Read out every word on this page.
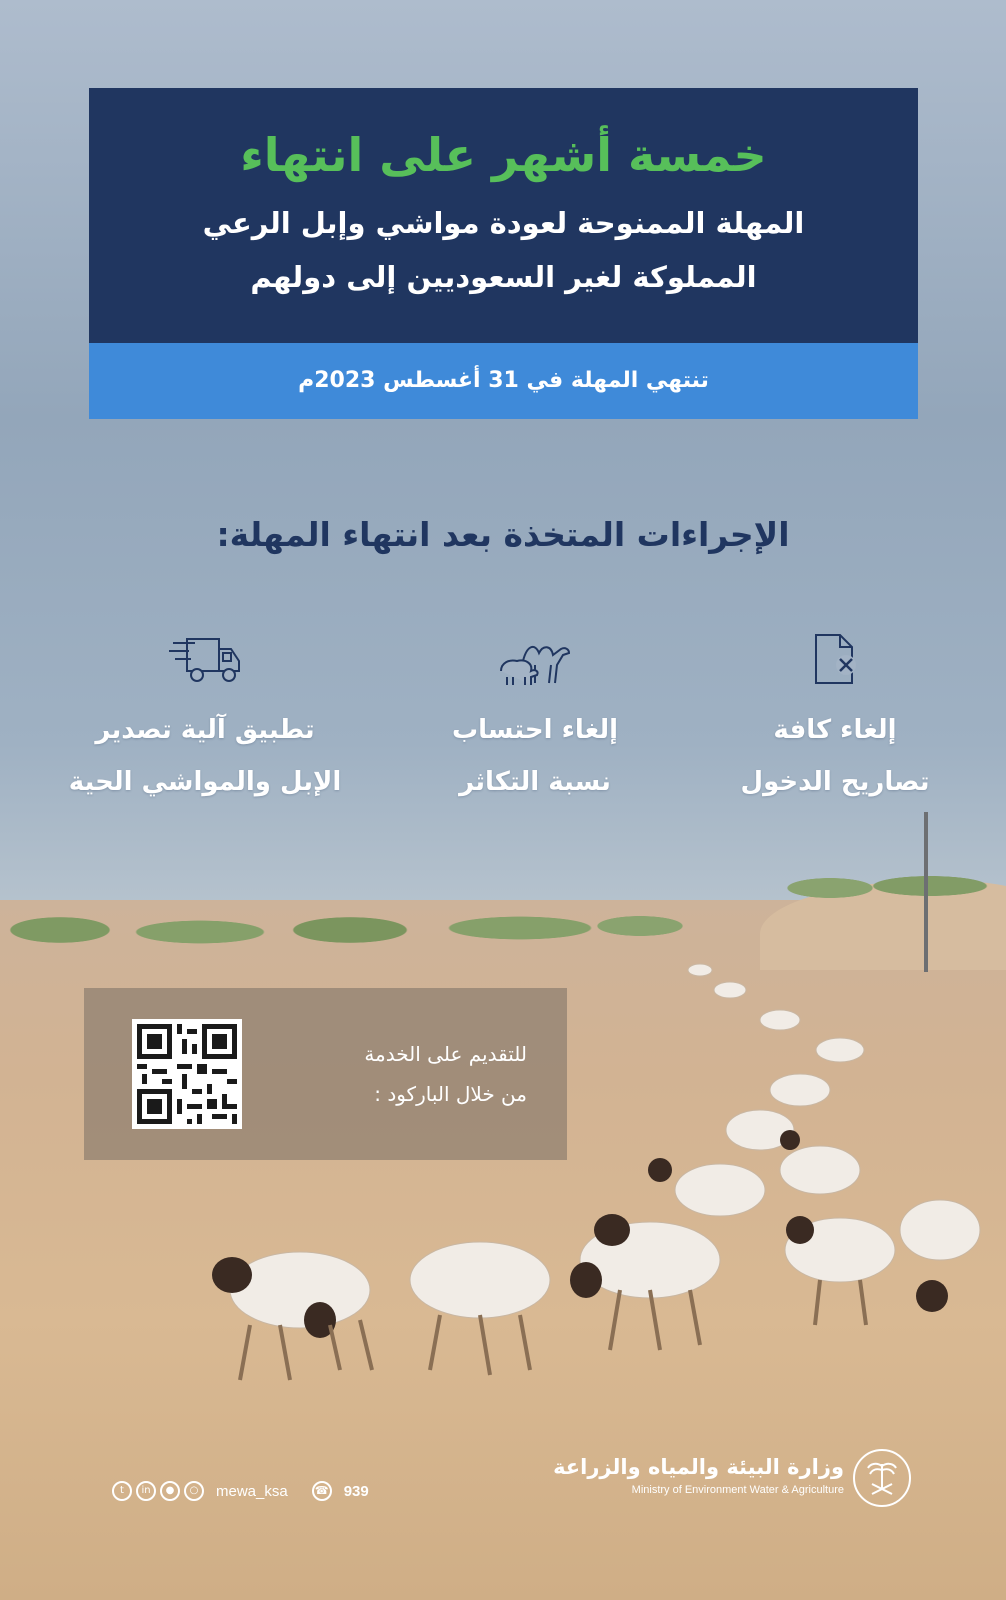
خمسة أشهر على انتهاء
المهلة الممنوحة لعودة مواشي وإبل الرعي
المملوكة لغير السعوديين إلى دولهم
تنتهي المهلة في 31 أغسطس 2023م
الإجراءات المتخذة بعد انتهاء المهلة:
إلغاء كافة
تصاريح الدخول
إلغاء احتساب
نسبة التكاثر
تطبيق آلية تصدير
الإبل والمواشي الحية
للتقديم على الخدمة
من خلال الباركود :
t	in	●	○	mewa_ksa ☎ 939
وزارة البيئة والمياه والزراعة
Ministry of Environment Water & Agriculture
